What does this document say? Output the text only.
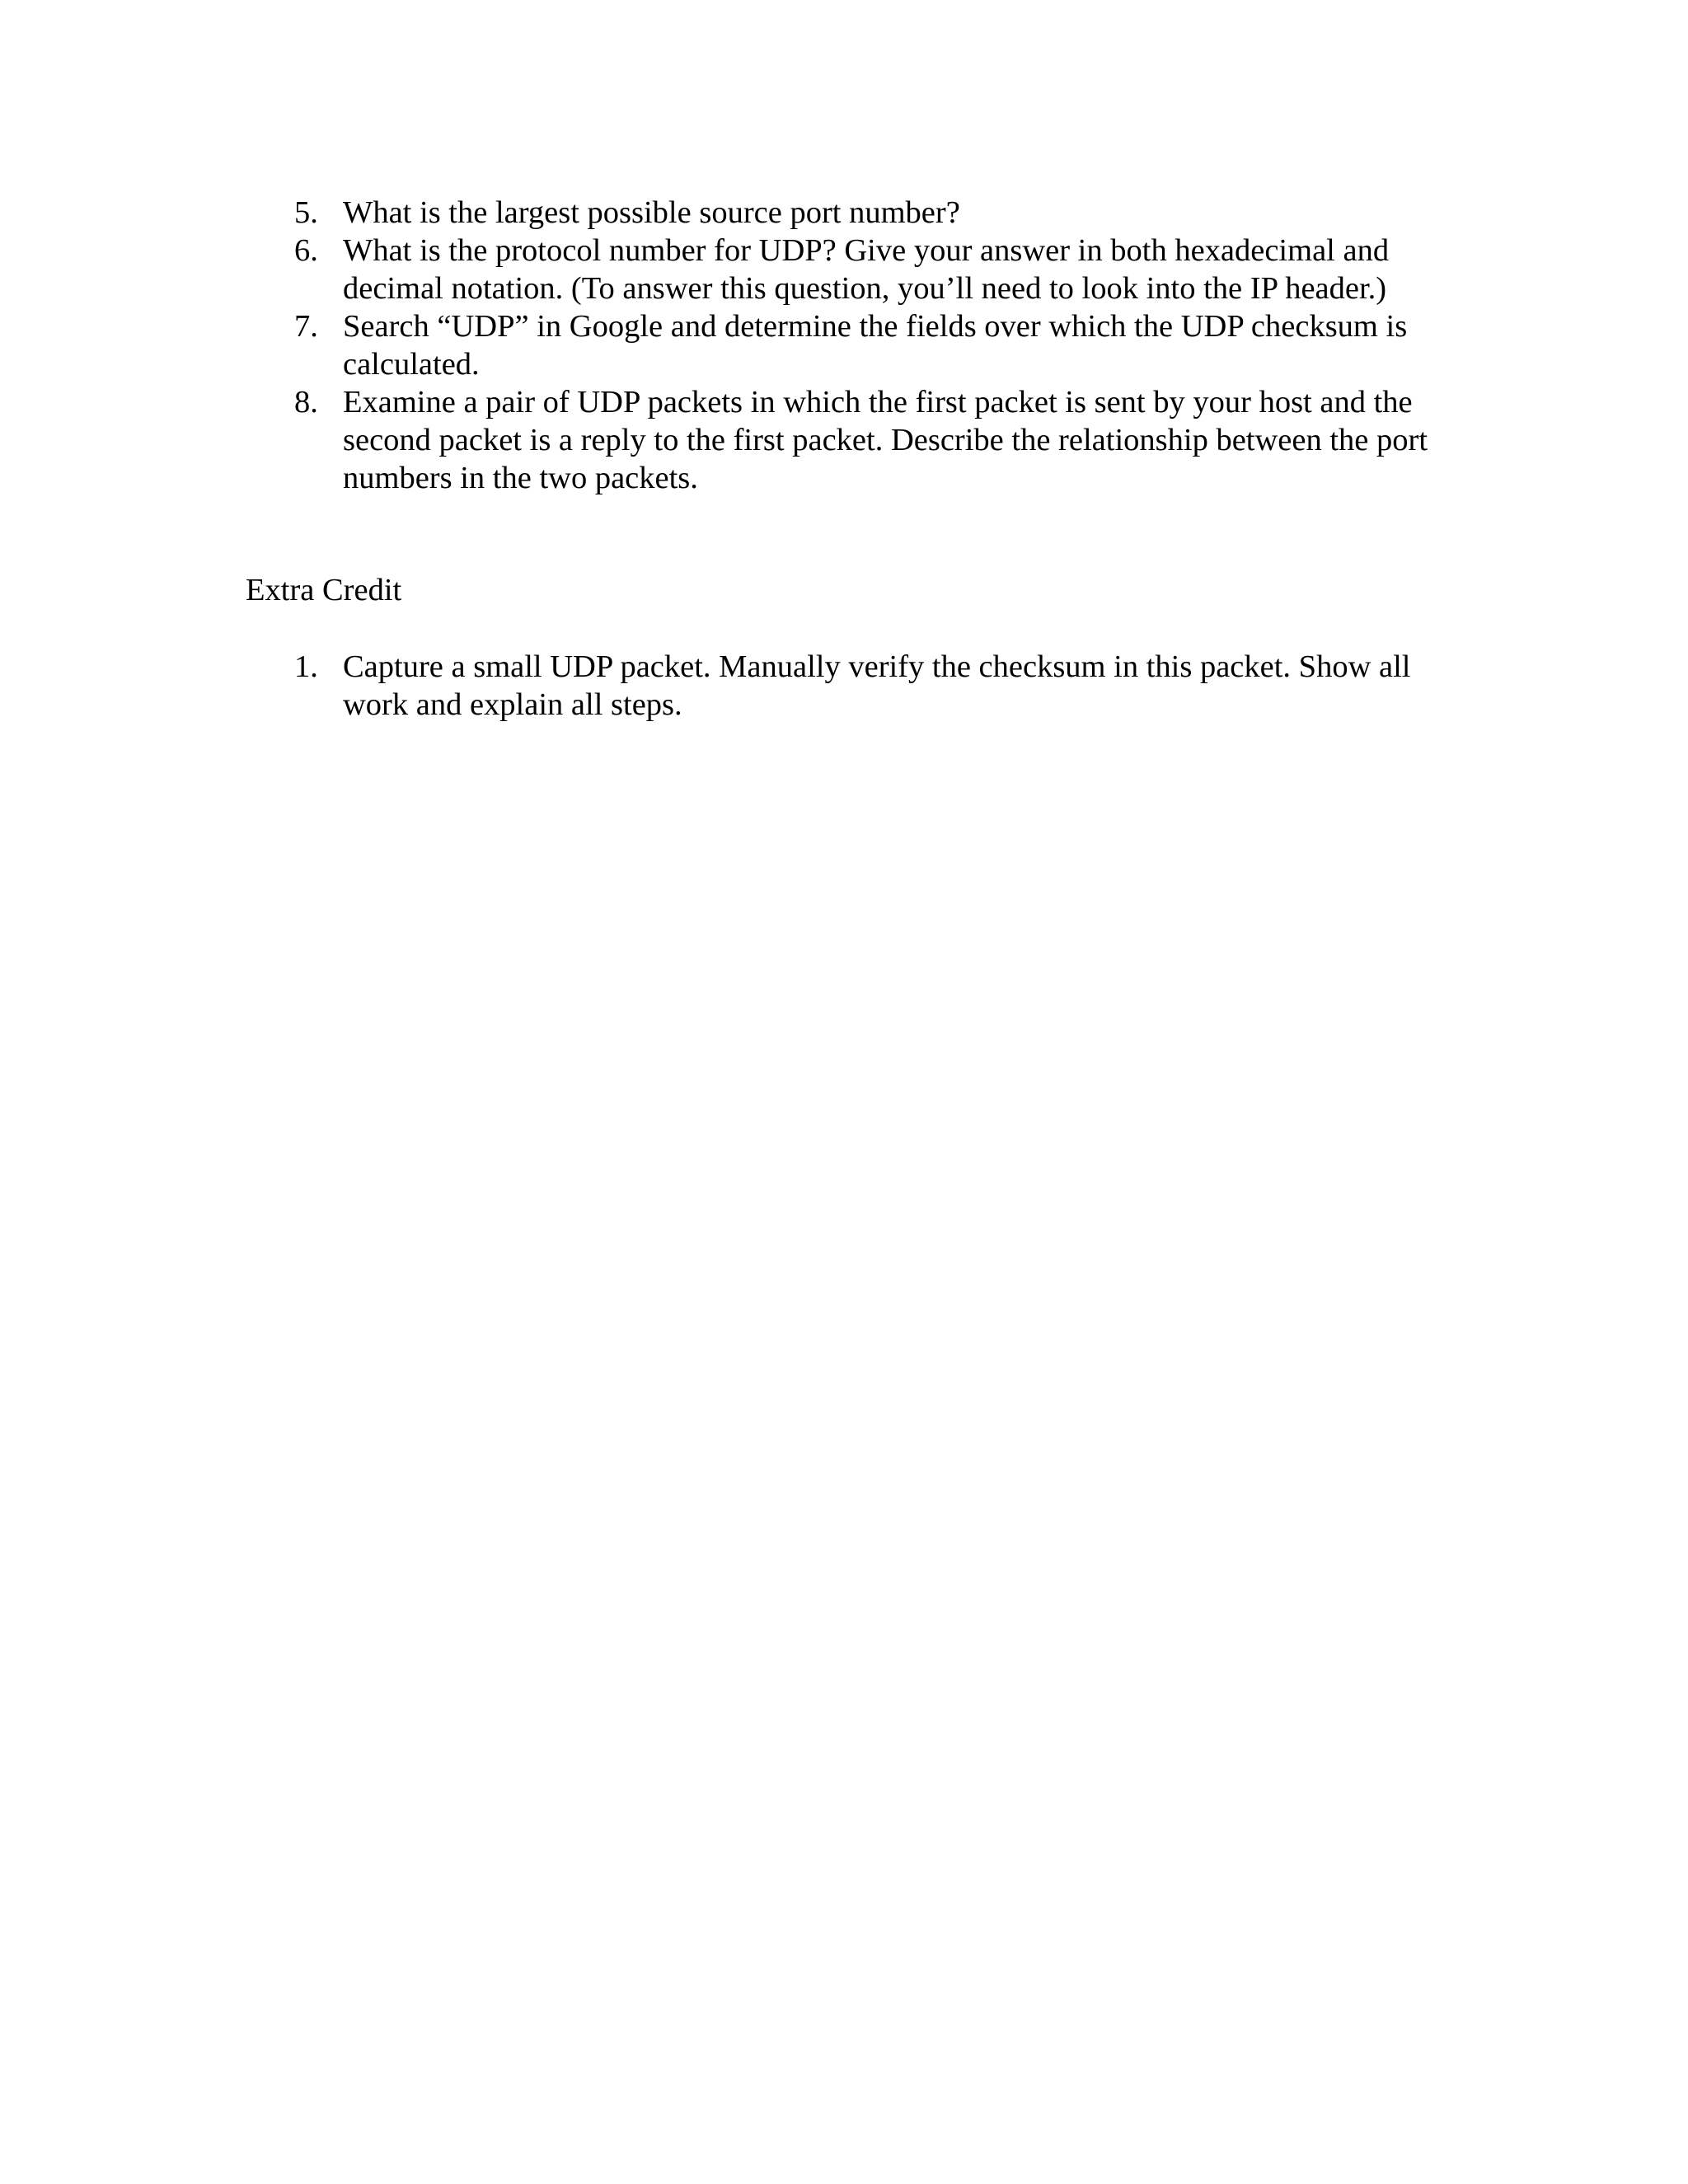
5. What is the largest possible source port number?
6. What is the protocol number for UDP? Give your answer in both hexadecimal and decimal notation. (To answer this question, you’ll need to look into the IP header.)
7. Search “UDP” in Google and determine the fields over which the UDP checksum is calculated.
8. Examine a pair of UDP packets in which the first packet is sent by your host and the second packet is a reply to the first packet. Describe the relationship between the port numbers in the two packets.
Extra Credit
1. Capture a small UDP packet. Manually verify the checksum in this packet. Show all work and explain all steps.
